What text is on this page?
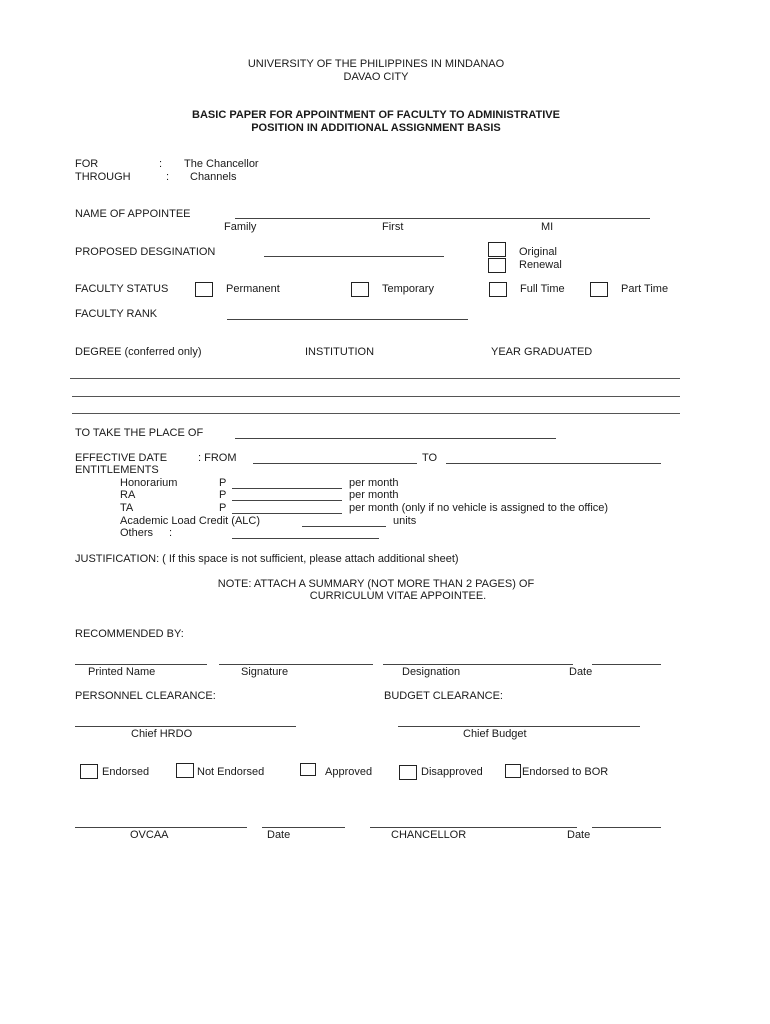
UNIVERSITY OF THE PHILIPPINES IN MINDANAO
DAVAO CITY
BASIC PAPER FOR APPOINTMENT OF FACULTY TO ADMINISTRATIVE
POSITION IN ADDITIONAL ASSIGNMENT BASIS
FOR	: The Chancellor
THROUGH	: Channels
NAME OF APPOINTEE
Family	First	MI
PROPOSED DESGINATION	Original
Renewal
FACULTY STATUS	Permanent	Temporary	Full Time	Part Time
FACULTY RANK
DEGREE (conferred only)	INSTITUTION	YEAR GRADUATED
TO TAKE THE PLACE OF
EFFECTIVE DATE	: FROM	TO
ENTITLEMENTS
Honorarium	P	per month
RA	P	per month
TA	P	per month (only if no vehicle is assigned to the office)
Academic Load Credit (ALC)	units
Others :
JUSTIFICATION: ( If this space is not sufficient, please attach additional sheet)
NOTE: ATTACH A SUMMARY (NOT MORE THAN 2 PAGES) OF
CURRICULUM VITAE APPOINTEE.
RECOMMENDED BY:
Printed Name	Signature	Designation	Date
PERSONNEL CLEARANCE:	BUDGET CLEARANCE:
Chief HRDO	Chief Budget
Endorsed	Not Endorsed	Approved	Disapproved	Endorsed to BOR
OVCAA	Date	CHANCELLOR	Date
